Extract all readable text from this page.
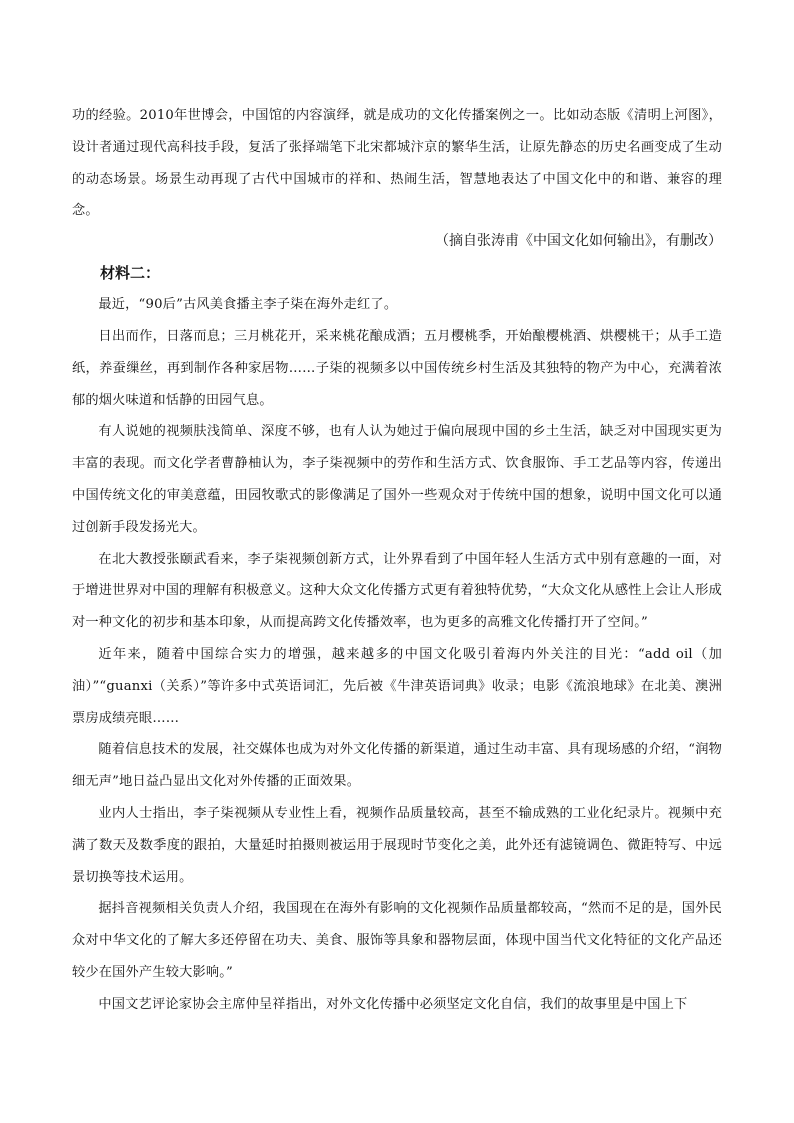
功的经验。2010年世博会，中国馆的内容演绎，就是成功的文化传播案例之一。比如动态版《清明上河图》，设计者通过现代高科技手段，复活了张择端笔下北宋都城汴京的繁华生活，让原先静态的历史名画变成了生动的动态场景。场景生动再现了古代中国城市的祥和、热闹生活，智慧地表达了中国文化中的和谐、兼容的理念。

（摘自张涛甫《中国文化如何输出》，有删改）

材料二：

最近，“90后”古风美食播主李子柒在海外走红了。

日出而作，日落而息；三月桃花开，采来桃花酿成酒；五月樱桃季，开始酿樱桃酒、烘樱桃干；从手工造纸，养蚕缫丝，再到制作各种家居物……子柒的视频多以中国传统乡村生活及其独特的物产为中心，充满着浓郁的烟火味道和恬静的田园气息。

有人说她的视频肤浅简单、深度不够，也有人认为她过于偏向展现中国的乡土生活，缺乏对中国现实更为丰富的表现。而文化学者曹静柚认为，李子柒视频中的劳作和生活方式、饮食服饰、手工艺品等内容，传递出中国传统文化的审美意蕴，田园牧歌式的影像满足了国外一些观众对于传统中国的想象，说明中国文化可以通过创新手段发扬光大。

在北大教授张颐武看来，李子柒视频创新方式，让外界看到了中国年轻人生活方式中别有意趣的一面，对于增进世界对中国的理解有积极意义。这种大众文化传播方式更有着独特优势，“大众文化从感性上会让人形成对一种文化的初步和基本印象，从而提高跨文化传播效率，也为更多的高雅文化传播打开了空间。”

近年来，随着中国综合实力的增强，越来越多的中国文化吸引着海内外关注的目光：“add oil（加油）”“guanxi（关系）”等许多中式英语词汇，先后被《牛津英语词典》收录；电影《流浪地球》在北美、澳洲票房成绩亮眼……

随着信息技术的发展，社交媒体也成为对外文化传播的新渠道，通过生动丰富、具有现场感的介绍，“润物细无声”地日益凸显出文化对外传播的正面效果。

业内人士指出，李子柒视频从专业性上看，视频作品质量较高，甚至不输成熟的工业化纪录片。视频中充满了数天及数季度的跟拍，大量延时拍摄则被运用于展现时节变化之美，此外还有滤镜调色、微距特写、中远景切换等技术运用。

据抖音视频相关负责人介绍，我国现在在海外有影响的文化视频作品质量都较高，“然而不足的是，国外民众对中华文化的了解大多还停留在功夫、美食、服饰等具象和器物层面，体现中国当代文化特征的文化产品还较少在国外产生较大影响。”

中国文艺评论家协会主席仲呈祥指出，对外文化传播中必须坚定文化自信，我们的故事里是中国上下
